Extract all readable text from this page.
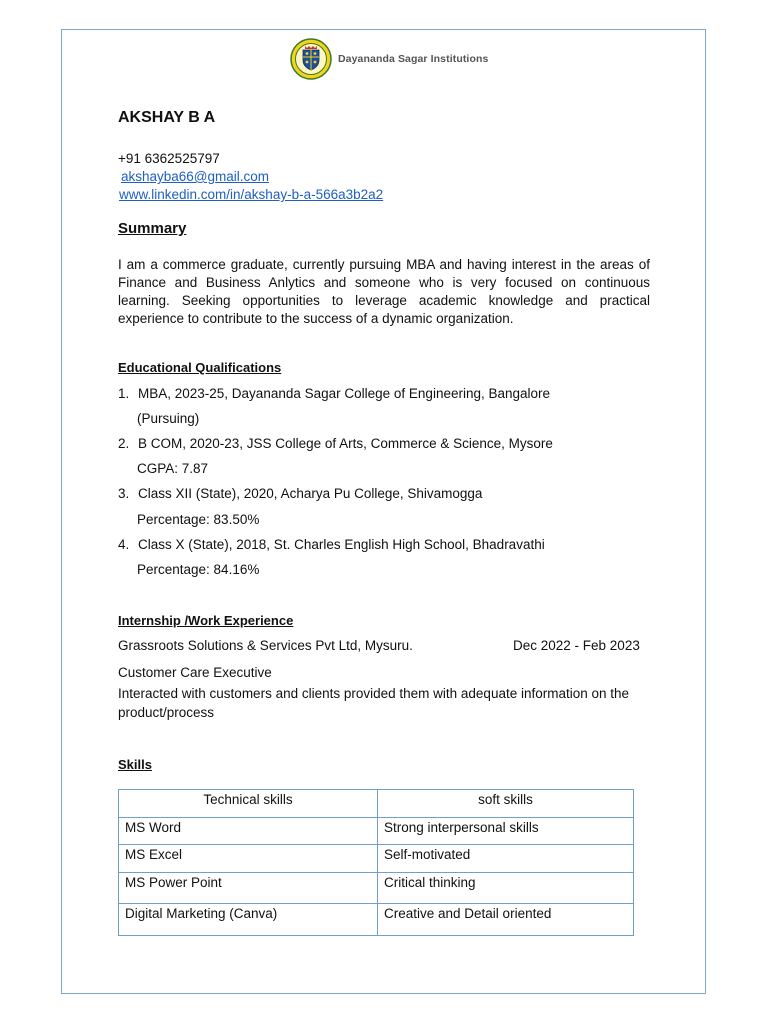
Dayananda Sagar Institutions
AKSHAY B A
+91 6362525797
akshayba66@gmail.com
www.linkedin.com/in/akshay-b-a-566a3b2a2
Summary
I am a commerce graduate, currently pursuing MBA and having interest in the areas of Finance and Business Anlytics and someone who is very focused on continuous learning. Seeking opportunities to leverage academic knowledge and practical experience to contribute to the success of a dynamic organization.
Educational Qualifications
1. MBA, 2023-25, Dayananda Sagar College of Engineering, Bangalore
(Pursuing)
2. B COM, 2020-23, JSS College of Arts, Commerce & Science, Mysore
CGPA: 7.87
3. Class XII (State), 2020, Acharya Pu College, Shivamogga
Percentage: 83.50%
4. Class X (State), 2018, St. Charles English High School, Bhadravathi
Percentage: 84.16%
Internship /Work Experience
Grassroots Solutions & Services Pvt Ltd, Mysuru.	Dec 2022 - Feb 2023
Customer Care Executive
Interacted with customers and clients provided them with adequate information on the product/process
Skills
Technical skills	soft skills
MS Word	Strong interpersonal skills
MS Excel	Self-motivated
MS Power Point	Critical thinking
Digital Marketing (Canva)	Creative and Detail oriented
